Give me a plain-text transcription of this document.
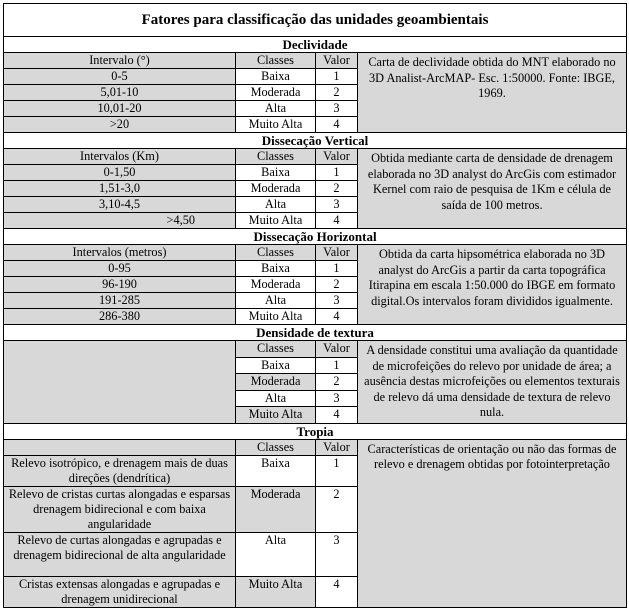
Fatores para classificação das unidades geoambientais			
Declividade			
Intervalo (°)	Classes	Valor	Carta de declividade obtida do MNT elaborado no 3D Analist-ArcMAP- Esc. 1:50000. Fonte: IBGE, 1969.
0-5	Baixa	1	
5,01-10	Moderada	2	
10,01-20	Alta	3	
>20	Muito Alta	4	
Dissecação Vertical			
Intervalos (Km)	Classes	Valor	Obtida mediante carta de densidade de drenagem elaborada no 3D analyst do ArcGis com estimador Kernel com raio de pesquisa de 1Km e célula de saída de 100 metros.
0-1,50	Baixa	1	
1,51-3,0	Moderada	2	
3,10-4,5	Alta	3	
>4,50	Muito Alta	4	
Dissecação Horizontal			
Intervalos (metros)	Classes	Valor	Obtida da carta hipsométrica elaborada no 3D analyst do ArcGis a partir da carta topográfica Itirapina em escala 1:50.000 do IBGE em formato digital.Os intervalos foram divididos igualmente.
0-95	Baixa	1	
96-190	Moderada	2	
191-285	Alta	3	
286-380	Muito Alta	4	
Densidade de textura			
	Classes	Valor	A densidade constitui uma avaliação da quantidade de microfeições do relevo por unidade de área; a ausência destas microfeições ou elementos texturais de relevo dá uma densidade de textura de relevo nula.
	Baixa	1	
	Moderada	2	
	Alta	3	
	Muito Alta	4	
Tropia			
	Classes	Valor	Características de orientação ou não das formas de relevo e drenagem obtidas por fotointerpretação
Relevo isotrópico, e drenagem mais de duas direções (dendrítica)	Baixa	1	
Relevo de cristas curtas alongadas e esparsas drenagem bidirecional e com baixa angularidade	Moderada	2	
Relevo de curtas alongadas e agrupadas e drenagem bidirecional de alta angularidade	Alta	3	
Cristas extensas alongadas e agrupadas e drenagem unidirecional	Muito Alta	4	
